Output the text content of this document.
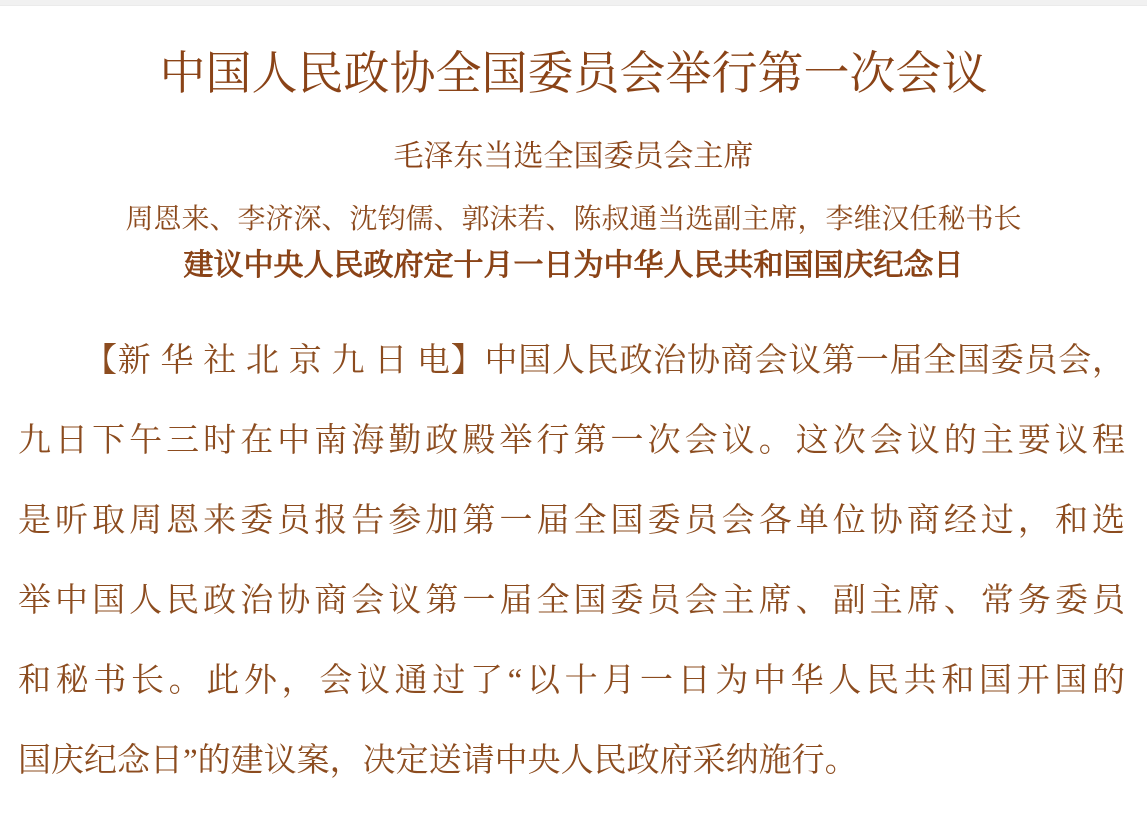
中国人民政协全国委员会举行第一次会议
毛泽东当选全国委员会主席
周恩来、李济深、沈钧儒、郭沫若、陈叔通当选副主席，李维汉任秘书长
建议中央人民政府定十月一日为中华人民共和国国庆纪念日
【新 华 社 北 京 九 日 电】中国人民政治协商会议第一届全国委员会，
九日下午三时在中南海勤政殿举行第一次会议。这次会议的主要议程
是听取周恩来委员报告参加第一届全国委员会各单位协商经过，和选
举中国人民政治协商会议第一届全国委员会主席、副主席、常务委员
和秘书长。此外，会议通过了“以十月一日为中华人民共和国开国的
国庆纪念日”的建议案，决定送请中央人民政府采纳施行。
